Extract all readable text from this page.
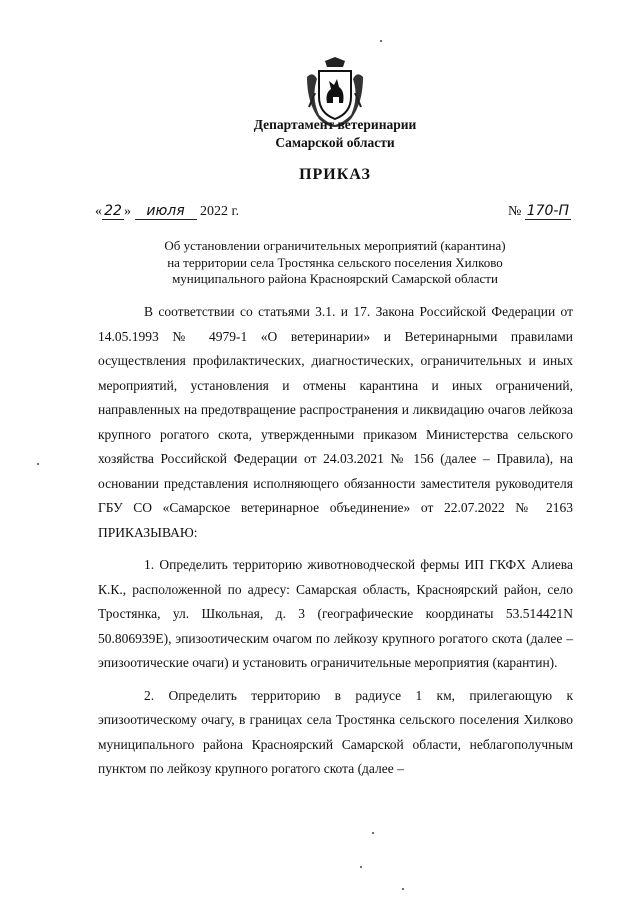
Департамент ветеринарии
Самарской области
ПРИКАЗ
« 22 » июля 2022 г.	№ 170-П
Об установлении ограничительных мероприятий (карантина)
на территории села Тростянка сельского поселения Хилково
муниципального района Красноярский Самарской области

В соответствии со статьями 3.1. и 17. Закона Российской Федерации от 14.05.1993 № 4979-1 «О ветеринарии» и Ветеринарными правилами осуществления профилактических, диагностических, ограничительных и иных мероприятий, установления и отмены карантина и иных ограничений, направленных на предотвращение распространения и ликвидацию очагов лейкоза крупного рогатого скота, утвержденными приказом Министерства сельского хозяйства Российской Федерации от 24.03.2021 № 156 (далее – Правила), на основании представления исполняющего обязанности заместителя руководителя ГБУ СО «Самарское ветеринарное объединение» от 22.07.2022 № 2163 ПРИКАЗЫВАЮ:

1. Определить территорию животноводческой фермы ИП ГКФХ Алиева К.К., расположенной по адресу: Самарская область, Красноярский район, село Тростянка, ул. Школьная, д. 3 (географические координаты 53.514421N 50.806939E), эпизоотическим очагом по лейкозу крупного рогатого скота (далее – эпизоотические очаги) и установить ограничительные мероприятия (карантин).

2. Определить территорию в радиусе 1 км, прилегающую к эпизоотическому очагу, в границах села Тростянка сельского поселения Хилково муниципального района Красноярский Самарской области, неблагополучным пунктом по лейкозу крупного рогатого скота (далее –
